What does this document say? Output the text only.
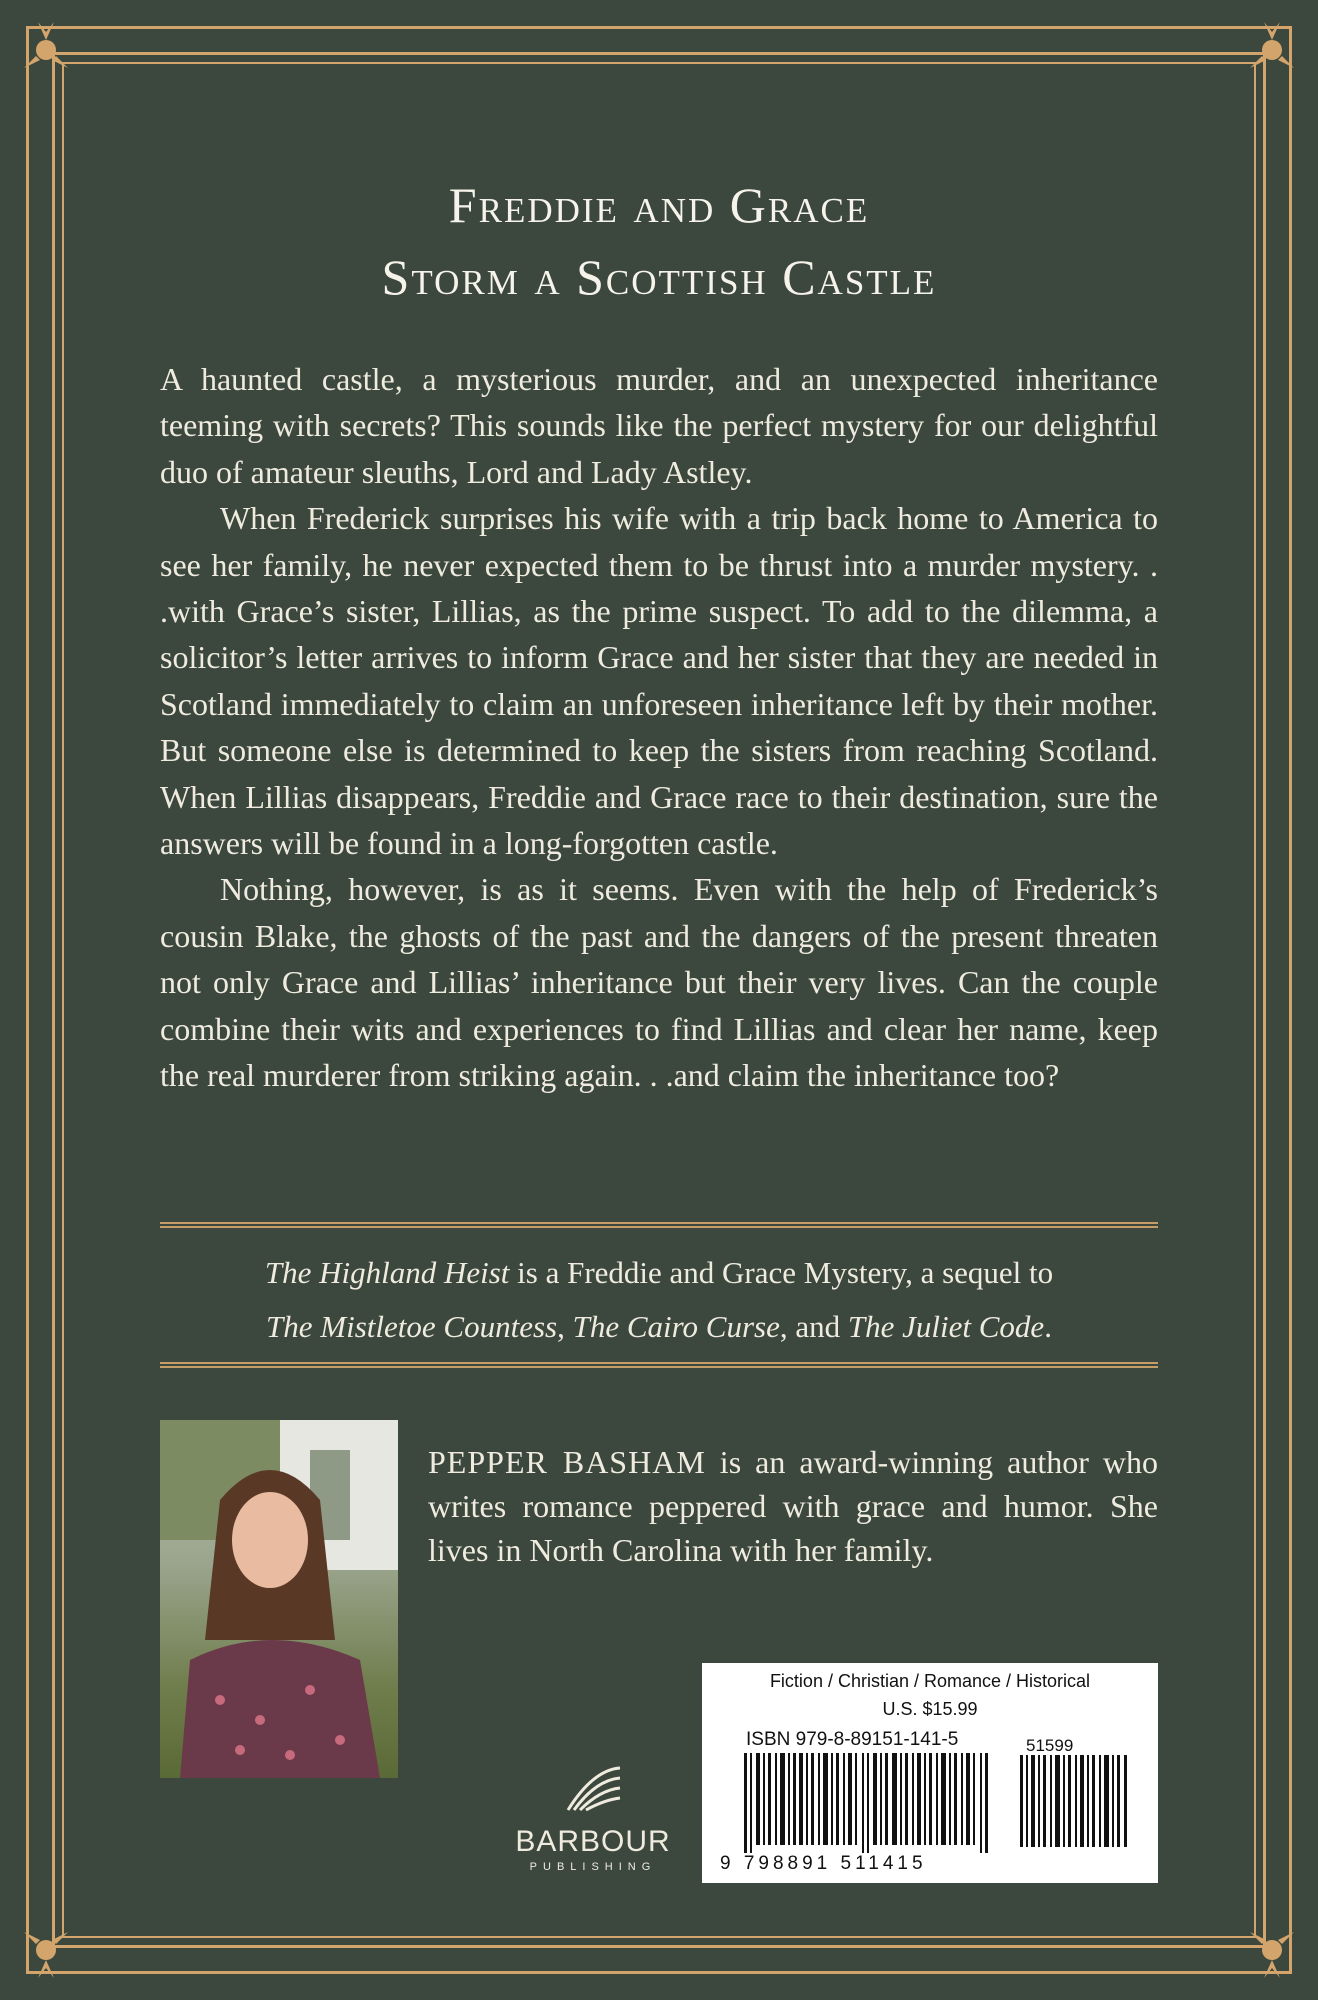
Freddie and Grace
Storm a Scottish Castle

A haunted castle, a mysterious murder, and an unexpected inheritance teeming with secrets? This sounds like the perfect mystery for our delightful duo of amateur sleuths, Lord and Lady Astley.

When Frederick surprises his wife with a trip back home to America to see her family, he never expected them to be thrust into a murder mystery. . .with Grace’s sister, Lillias, as the prime suspect. To add to the dilemma, a solicitor’s letter arrives to inform Grace and her sister that they are needed in Scotland immediately to claim an unforeseen inheritance left by their mother. But someone else is determined to keep the sisters from reaching Scotland. When Lillias disappears, Freddie and Grace race to their destination, sure the answers will be found in a long-forgotten castle.

Nothing, however, is as it seems. Even with the help of Frederick’s cousin Blake, the ghosts of the past and the dangers of the present threaten not only Grace and Lillias’ inheritance but their very lives. Can the couple combine their wits and experiences to find Lillias and clear her name, keep the real murderer from striking again. . .and claim the inheritance too?

The Highland Heist is a Freddie and Grace Mystery, a sequel to
The Mistletoe Countess, The Cairo Curse, and The Juliet Code.
PEPPER BASHAM is an award-winning author who writes romance peppered with grace and humor. She lives in North Carolina with her family.
BARBOUR
PUBLISHING
Fiction / Christian / Romance / Historical
U.S. $15.99
ISBN 979-8-89151-141-5	51599
9 798891 511415
